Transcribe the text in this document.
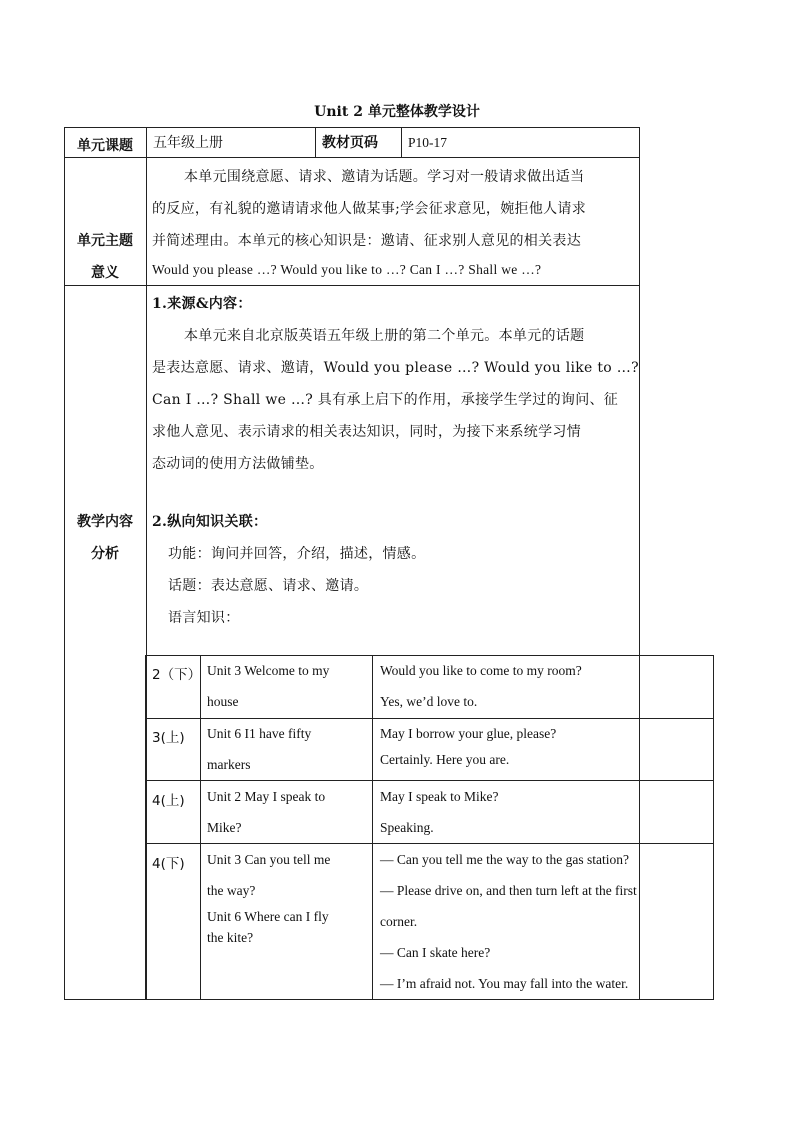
Unit 2 单元整体教学设计
单元课题	五年级上册	教材页码 P10-17
单元主题
意义
本单元围绕意愿、请求、邀请为话题。学习对一般请求做出适当
的反应，有礼貌的邀请请求他人做某事;学会征求意见，婉拒他人请求
并简述理由。本单元的核心知识是：邀请、征求别人意见的相关表达
Would you please …? Would you like to …? Can I …? Shall we …?
教学内容
分析
1.来源&内容：
本单元来自北京版英语五年级上册的第二个单元。本单元的话题
是表达意愿、请求、邀请，Would you please …? Would you like to …?
Can I …? Shall we …? 具有承上启下的作用，承接学生学过的询问、征
求他人意见、表示请求的相关表达知识，同时，为接下来系统学习情
态动词的使用方法做铺垫。
2.纵向知识关联：
功能：询问并回答，介绍，描述，情感。
话题：表达意愿、请求、邀请。
语言知识：
2（下） Unit 3 Welcome to my
house
Would you like to come to my room?
Yes, we’d love to.
3(上) Unit 6 I1 have fifty
markers
May I borrow your glue, please?
Certainly. Here you are.
4(上) Unit 2 May I speak to
Mike?
May I speak to Mike?
Speaking.
4(下) Unit 3 Can you tell me
the way?
Unit 6 Where can I fly
the kite?
— Can you tell me the way to the gas station?
— Please drive on, and then turn left at the first
corner.
— Can I skate here?
— I’m afraid not. You may fall into the water.
